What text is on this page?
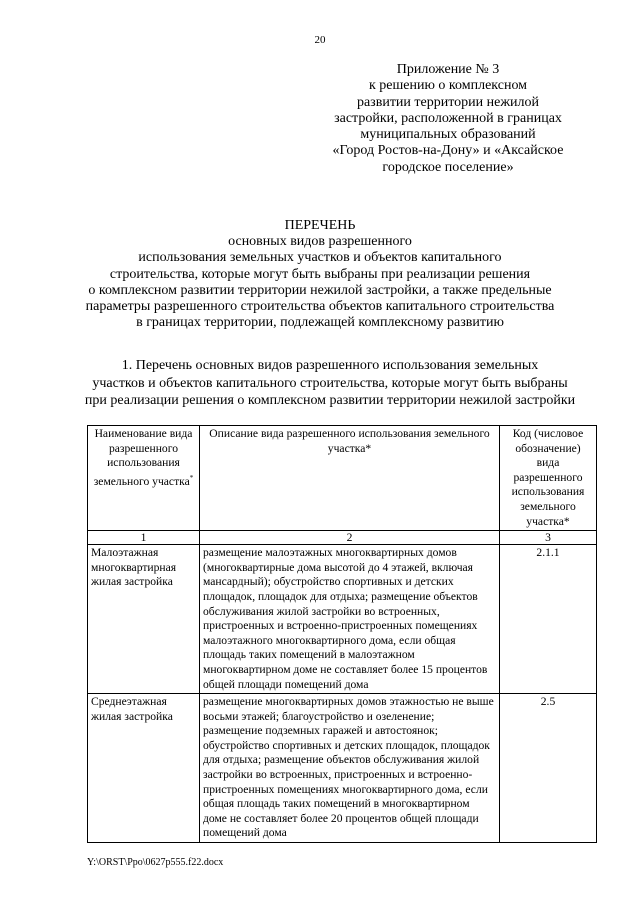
20
Приложение № 3
к решению о комплексном
развитии территории нежилой
застройки, расположенной в границах
муниципальных образований
«Город Ростов-на-Дону» и «Аксайское
городское поселение»
ПЕРЕЧЕНЬ
основных видов разрешенного
использования земельных участков и объектов капитального
строительства, которые могут быть выбраны при реализации решения
о комплексном развитии территории нежилой застройки, а также предельные
параметры разрешенного строительства объектов капитального строительства
в границах территории, подлежащей комплексному развитию
1. Перечень основных видов разрешенного использования земельных
участков и объектов капитального строительства, которые могут быть выбраны
при реализации решения о комплексном развитии территории нежилой застройки
Наименование вида разрешенного использования земельного участка*	Описание вида разрешенного использования земельного участка*	Код (числовое обозначение) вида разрешенного использования земельного участка*
1	2	3
Малоэтажная многоквартирная жилая застройка	размещение малоэтажных многоквартирных домов (многоквартирные дома высотой до 4 этажей, включая мансардный); обустройство спортивных и детских площадок, площадок для отдыха; размещение объектов обслуживания жилой застройки во встроенных, пристроенных и встроенно-пристроенных помещениях малоэтажного многоквартирного дома, если общая площадь таких помещений в малоэтажном многоквартирном доме не составляет более 15 процентов общей площади помещений дома	2.1.1
Среднеэтажная жилая застройка	размещение многоквартирных домов этажностью не выше восьми этажей; благоустройство и озеленение; размещение подземных гаражей и автостоянок; обустройство спортивных и детских площадок, площадок для отдыха; размещение объектов обслуживания жилой застройки во встроенных, пристроенных и встроенно-пристроенных помещениях многоквартирного дома, если общая площадь таких помещений в многоквартирном доме не составляет более 20 процентов общей площади помещений дома	2.5
Y:\ORST\Ppo\0627p555.f22.docx
